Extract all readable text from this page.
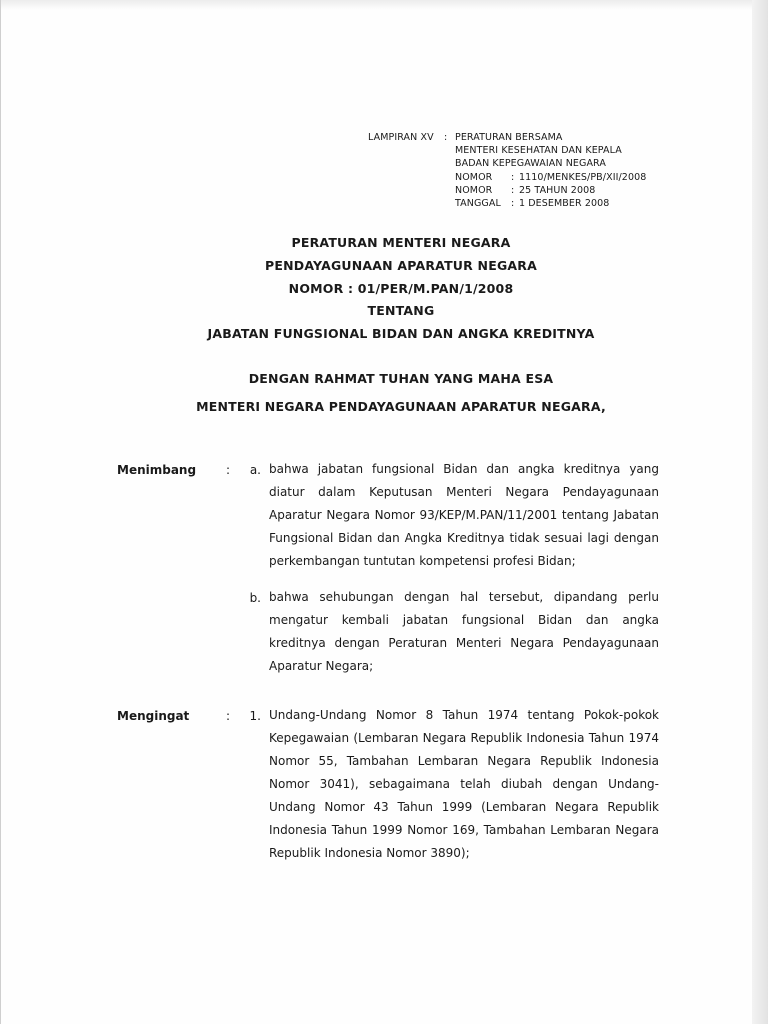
LAMPIRAN XV	: PERATURAN BERSAMA
MENTERI KESEHATAN DAN KEPALA
BADAN KEPEGAWAIAN NEGARA
NOMOR	: 1110/MENKES/PB/XII/2008
NOMOR	: 25 TAHUN 2008
TANGGAL	: 1 DESEMBER 2008
PERATURAN MENTERI NEGARA
PENDAYAGUNAAN APARATUR NEGARA
NOMOR : 01/PER/M.PAN/1/2008
TENTANG
JABATAN FUNGSIONAL BIDAN DAN ANGKA KREDITNYA
DENGAN RAHMAT TUHAN YANG MAHA ESA
MENTERI NEGARA PENDAYAGUNAAN APARATUR NEGARA,
Menimbang :	a. bahwa jabatan fungsional Bidan dan angka kreditnya yang diatur dalam Keputusan Menteri Negara Pendayagunaan Aparatur Negara Nomor 93/KEP/M.PAN/11/2001 tentang Jabatan Fungsional Bidan dan Angka Kreditnya tidak sesuai lagi dengan perkembangan tuntutan kompetensi profesi Bidan;
b. bahwa sehubungan dengan hal tersebut, dipandang perlu mengatur kembali jabatan fungsional Bidan dan angka kreditnya dengan Peraturan Menteri Negara Pendayagunaan Aparatur Negara;
Mengingat	:	1. Undang-Undang Nomor 8 Tahun 1974 tentang Pokok-pokok Kepegawaian (Lembaran Negara Republik Indonesia Tahun 1974 Nomor 55, Tambahan Lembaran Negara Republik Indonesia Nomor 3041), sebagaimana telah diubah dengan Undang-Undang Nomor 43 Tahun 1999 (Lembaran Negara Republik Indonesia Tahun 1999 Nomor 169, Tambahan Lembaran Negara Republik Indonesia Nomor 3890);
